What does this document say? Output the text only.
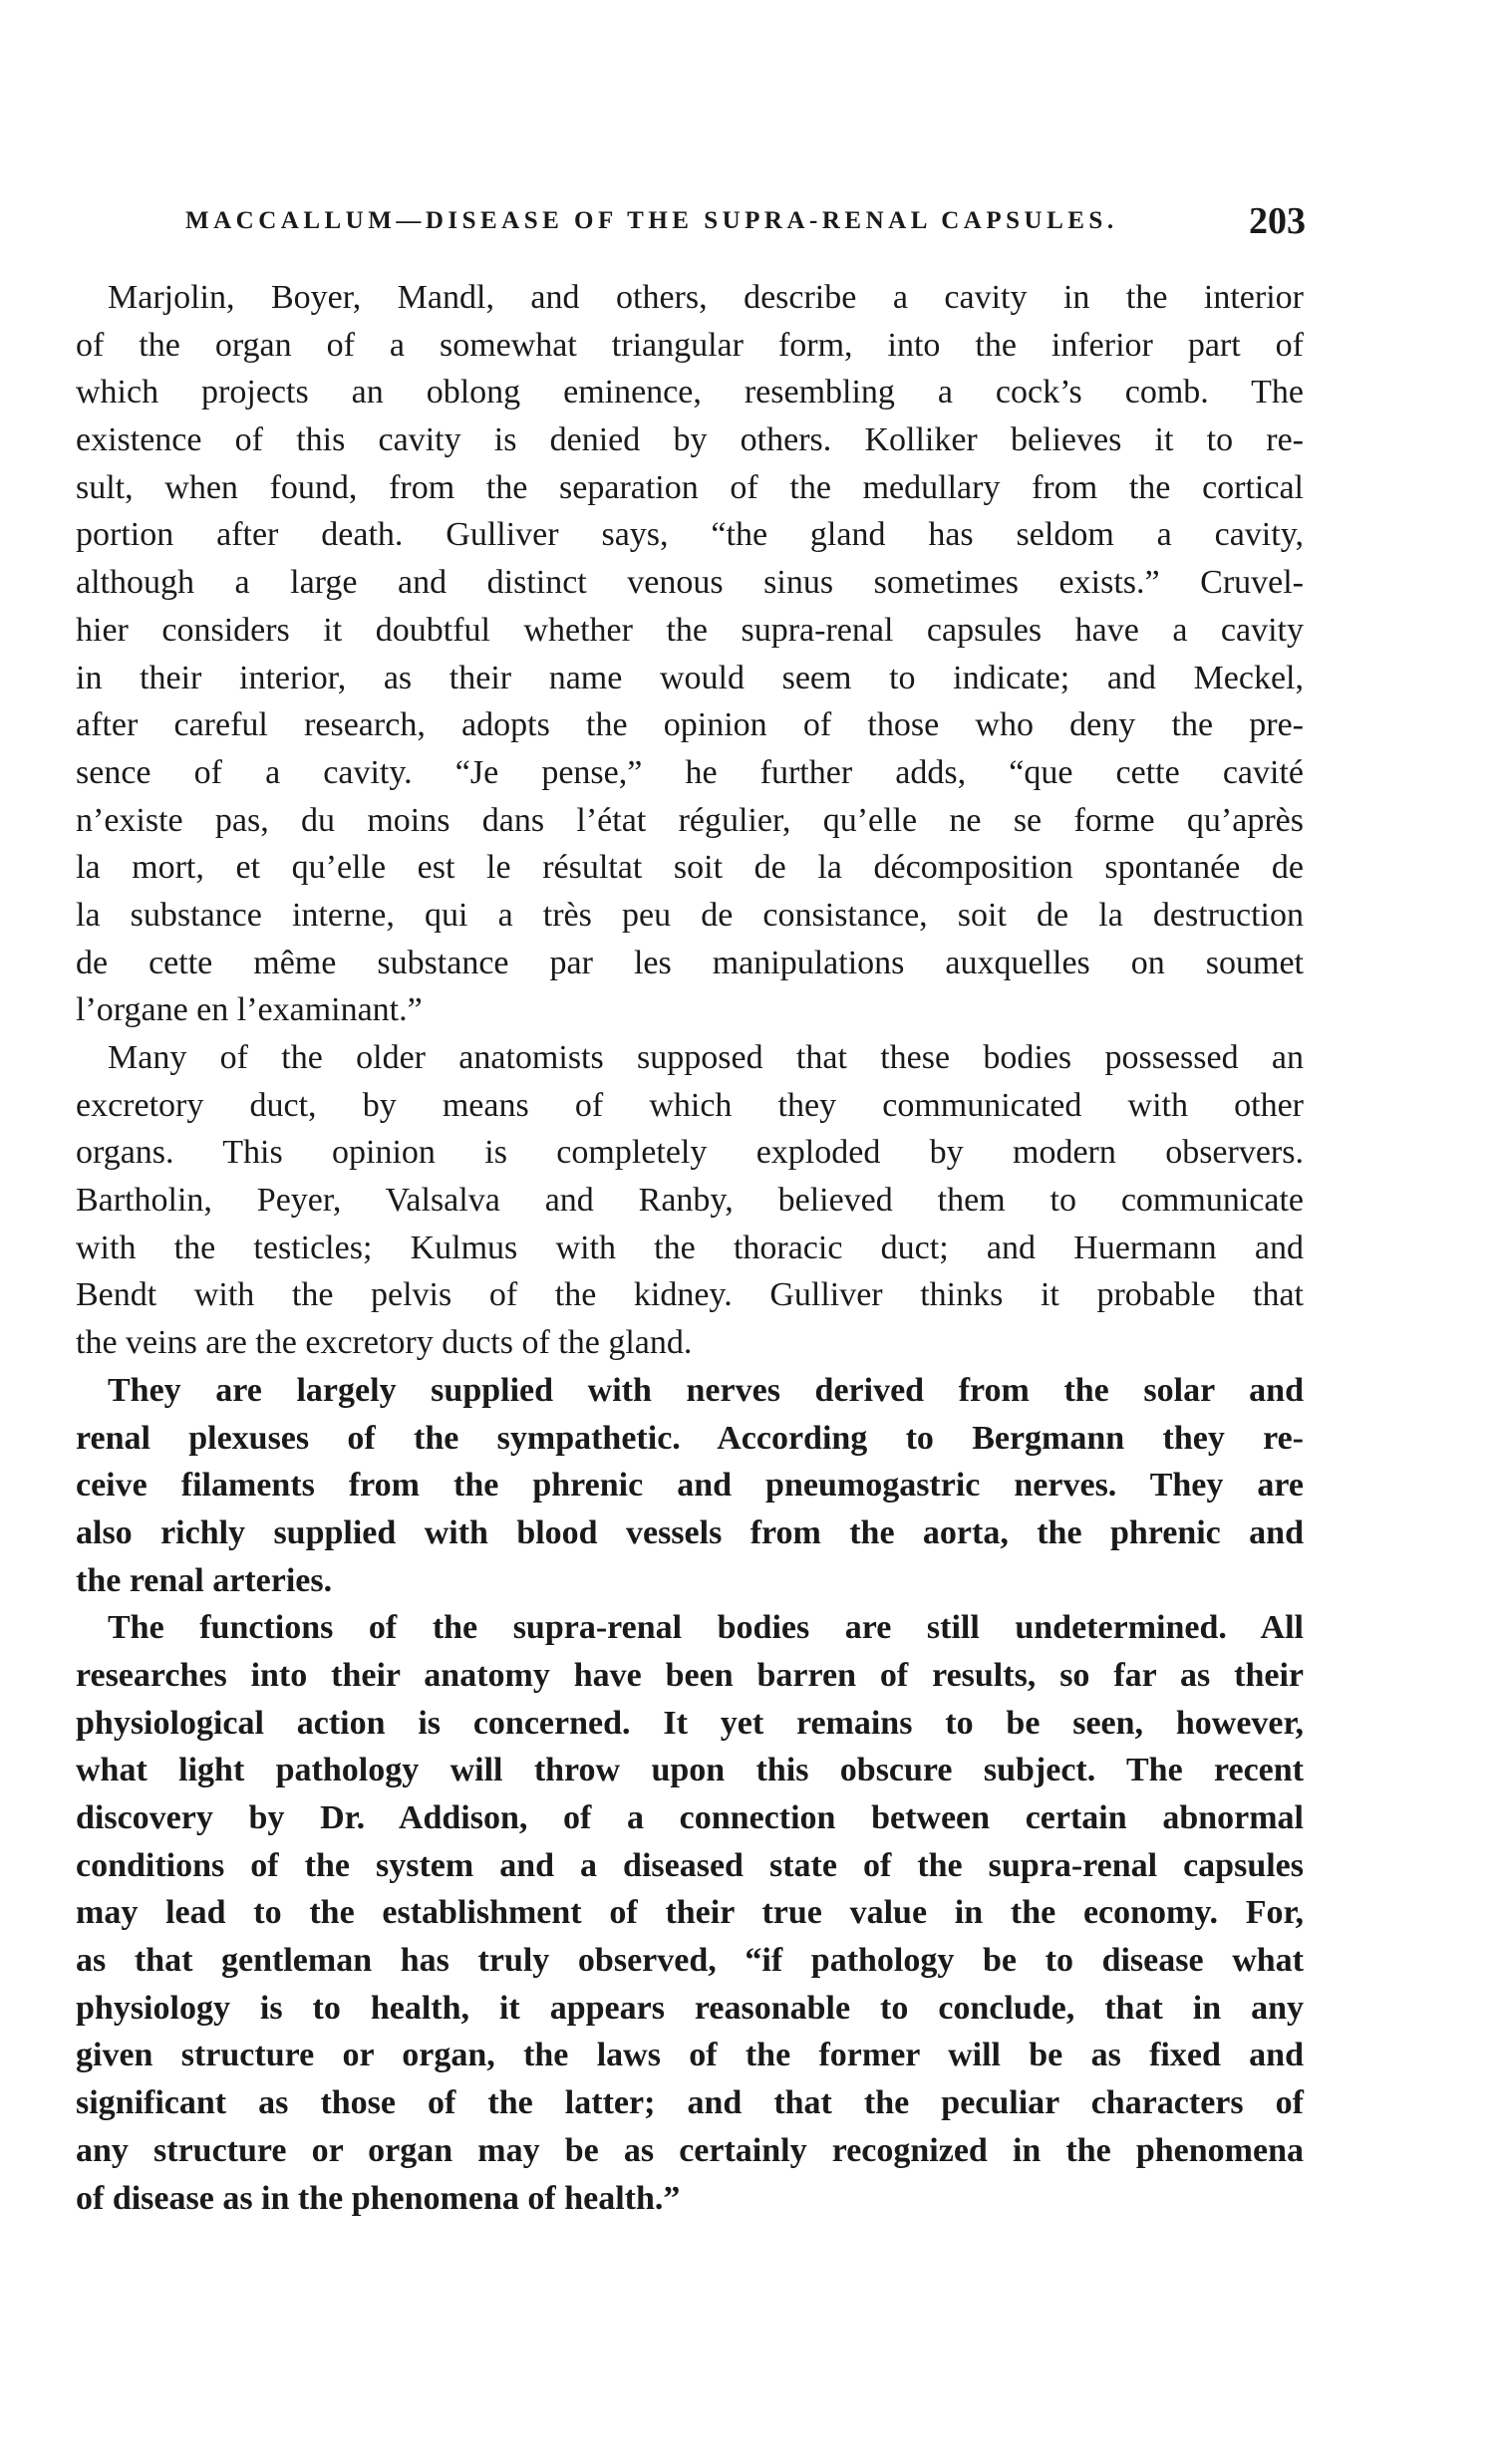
MACCALLUM—DISEASE OF THE SUPRA-RENAL CAPSULES.	203
Marjolin, Boyer, Mandl, and others, describe a cavity in the interior
of the organ of a somewhat triangular form, into the inferior part of
which projects an oblong eminence, resembling a cock’s comb. The
existence of this cavity is denied by others. Kolliker believes it to re-
sult, when found, from the separation of the medullary from the cortical
portion after death. Gulliver says, “the gland has seldom a cavity,
although a large and distinct venous sinus sometimes exists.” Cruvel-
hier considers it doubtful whether the supra-renal capsules have a cavity
in their interior, as their name would seem to indicate; and Meckel,
after careful research, adopts the opinion of those who deny the pre-
sence of a cavity. “Je pense,” he further adds, “que cette cavité
n’existe pas, du moins dans l’état régulier, qu’elle ne se forme qu’après
la mort, et qu’elle est le résultat soit de la décomposition spontanée de
la substance interne, qui a très peu de consistance, soit de la destruction
de cette même substance par les manipulations auxquelles on soumet
l’organe en l’examinant.”
Many of the older anatomists supposed that these bodies possessed an
excretory duct, by means of which they communicated with other
organs. This opinion is completely exploded by modern observers.
Bartholin, Peyer, Valsalva and Ranby, believed them to communicate
with the testicles; Kulmus with the thoracic duct; and Huermann and
Bendt with the pelvis of the kidney. Gulliver thinks it probable that
the veins are the excretory ducts of the gland.
They are largely supplied with nerves derived from the solar and
renal plexuses of the sympathetic. According to Bergmann they re-
ceive filaments from the phrenic and pneumogastric nerves. They are
also richly supplied with blood vessels from the aorta, the phrenic and
the renal arteries.
The functions of the supra-renal bodies are still undetermined. All
researches into their anatomy have been barren of results, so far as their
physiological action is concerned. It yet remains to be seen, however,
what light pathology will throw upon this obscure subject. The recent
discovery by Dr. Addison, of a connection between certain abnormal
conditions of the system and a diseased state of the supra-renal capsules
may lead to the establishment of their true value in the economy. For,
as that gentleman has truly observed, “if pathology be to disease what
physiology is to health, it appears reasonable to conclude, that in any
given structure or organ, the laws of the former will be as fixed and
significant as those of the latter; and that the peculiar characters of
any structure or organ may be as certainly recognized in the phenomena
of disease as in the phenomena of health.”
